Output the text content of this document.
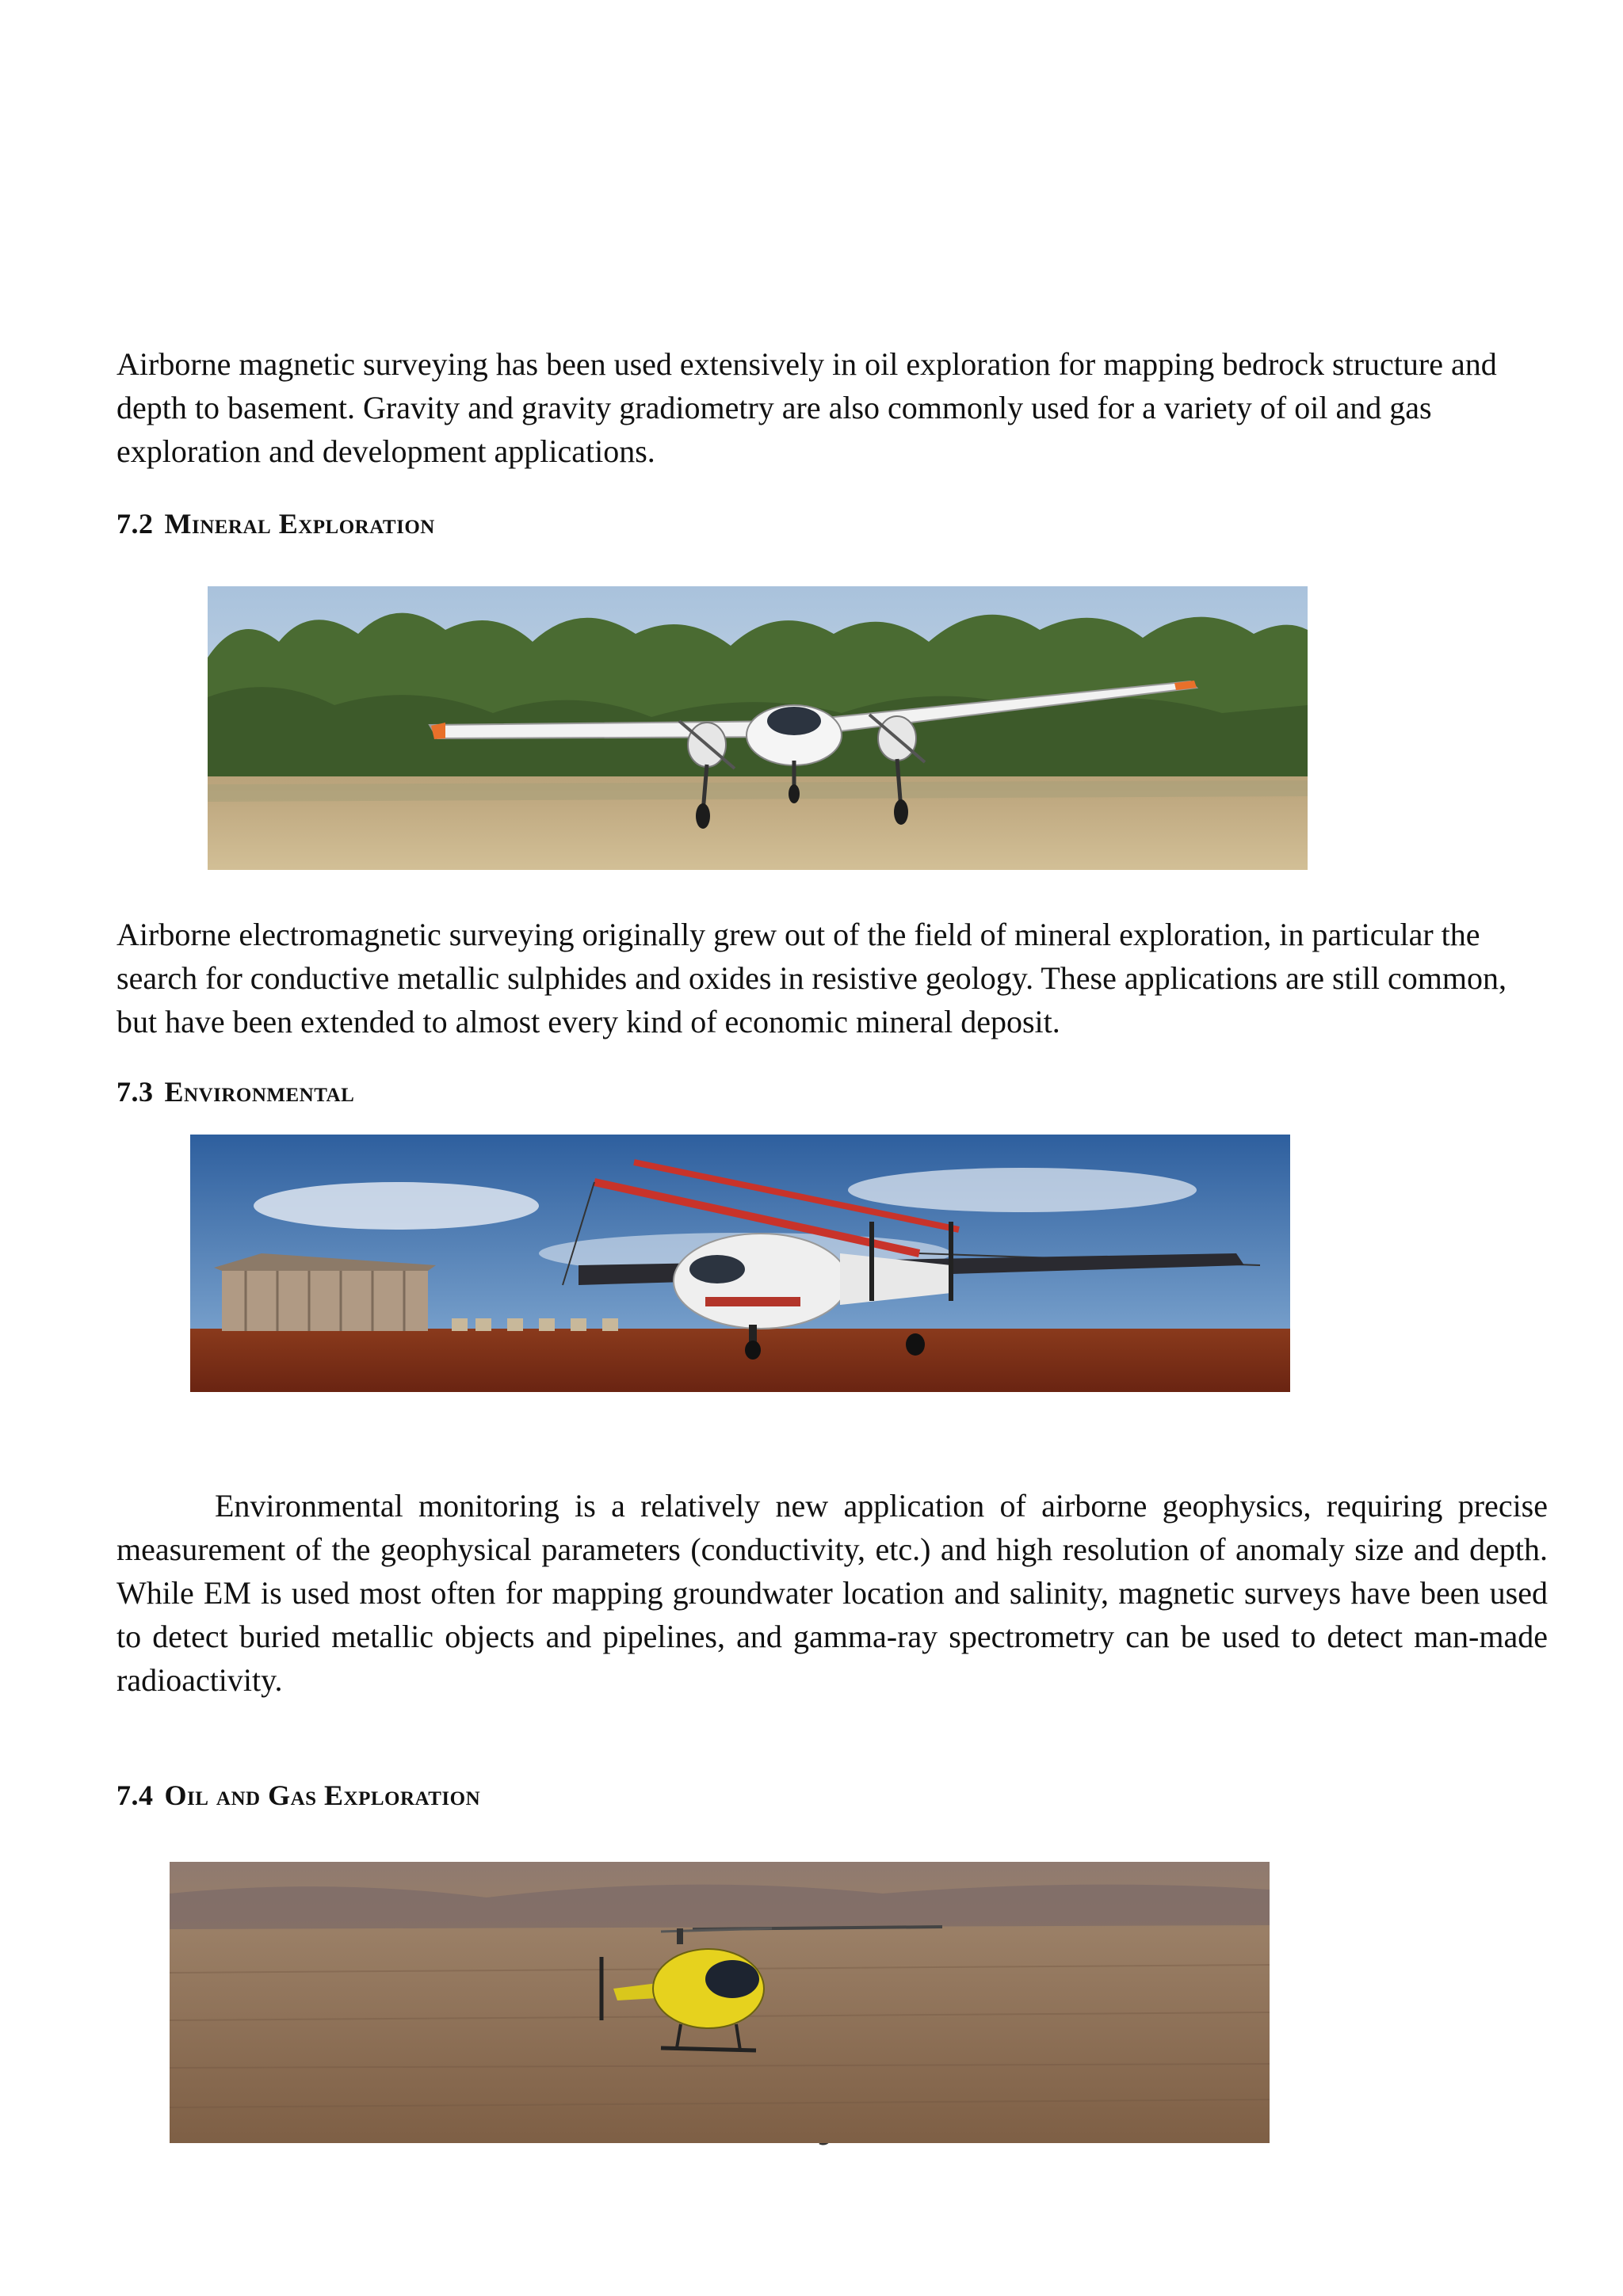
Airborne magnetic surveying has been used extensively in oil exploration for mapping bedrock structure and depth to basement. Gravity and gravity gradiometry are also commonly used for a variety of oil and gas exploration and development applications.

7.2 Mineral Exploration

Airborne electromagnetic surveying originally grew out of the field of mineral exploration, in particular the search for conductive metallic sulphides and oxides in resistive geology. These applications are still common, but have been extended to almost every kind of economic mineral deposit.

7.3 Environmental

Environmental monitoring is a relatively new application of airborne geophysics, requiring precise measurement of the geophysical parameters (conductivity, etc.) and high resolution of anomaly size and depth. While EM is used most often for mapping groundwater location and salinity, magnetic surveys have been used to detect buried metallic objects and pipelines, and gamma-ray spectrometry can be used to detect man-made radioactivity.

7.4 Oil and Gas Exploration
